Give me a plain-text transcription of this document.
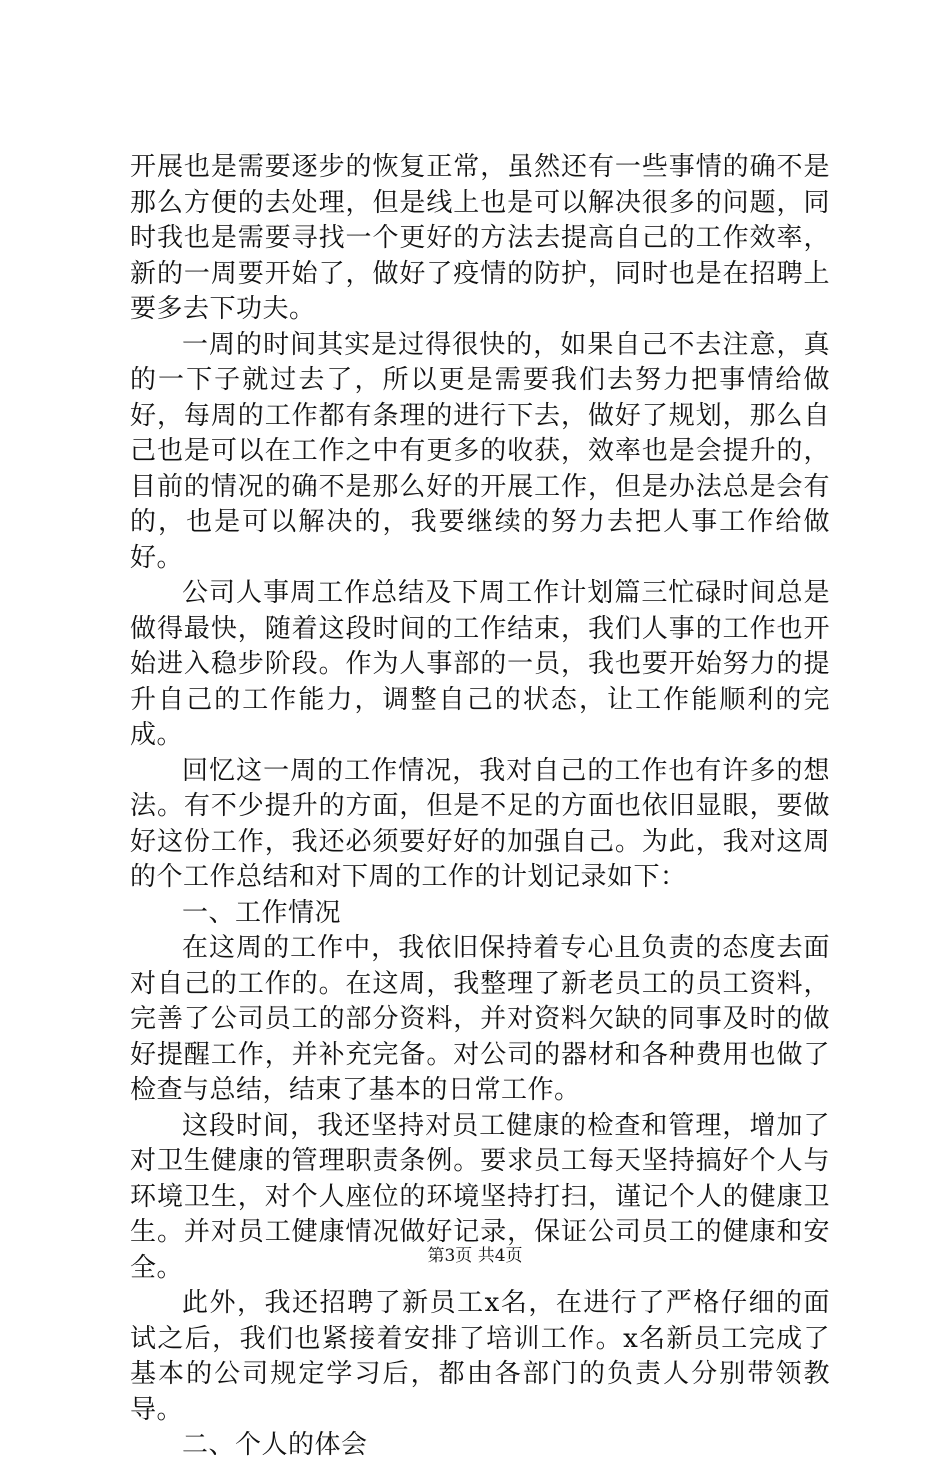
开展也是需要逐步的恢复正常，虽然还有一些事情的确不是那么方便的去处理，但是线上也是可以解决很多的问题，同时我也是需要寻找一个更好的方法去提高自己的工作效率，新的一周要开始了，做好了疫情的防护，同时也是在招聘上要多去下功夫。

一周的时间其实是过得很快的，如果自己不去注意，真的一下子就过去了，所以更是需要我们去努力把事情给做好，每周的工作都有条理的进行下去，做好了规划，那么自己也是可以在工作之中有更多的收获，效率也是会提升的，目前的情况的确不是那么好的开展工作，但是办法总是会有的，也是可以解决的，我要继续的努力去把人事工作给做好。

公司人事周工作总结及下周工作计划篇三忙碌时间总是做得最快，随着这段时间的工作结束，我们人事的工作也开始进入稳步阶段。作为人事部的一员，我也要开始努力的提升自己的工作能力，调整自己的状态，让工作能顺利的完成。

回忆这一周的工作情况，我对自己的工作也有许多的想法。有不少提升的方面，但是不足的方面也依旧显眼，要做好这份工作，我还必须要好好的加强自己。为此，我对这周的个工作总结和对下周的工作的计划记录如下：

一、工作情况

在这周的工作中，我依旧保持着专心且负责的态度去面对自己的工作的。在这周，我整理了新老员工的员工资料，完善了公司员工的部分资料，并对资料欠缺的同事及时的做好提醒工作，并补充完备。对公司的器材和各种费用也做了检查与总结，结束了基本的日常工作。

这段时间，我还坚持对员工健康的检查和管理，增加了对卫生健康的管理职责条例。要求员工每天坚持搞好个人与环境卫生，对个人座位的环境坚持打扫，谨记个人的健康卫生。并对员工健康情况做好记录，保证公司员工的健康和安全。

此外，我还招聘了新员工x名，在进行了严格仔细的面试之后，我们也紧接着安排了培训工作。x名新员工完成了基本的公司规定学习后，都由各部门的负责人分别带领教导。

二、个人的体会

第3页 共4页
